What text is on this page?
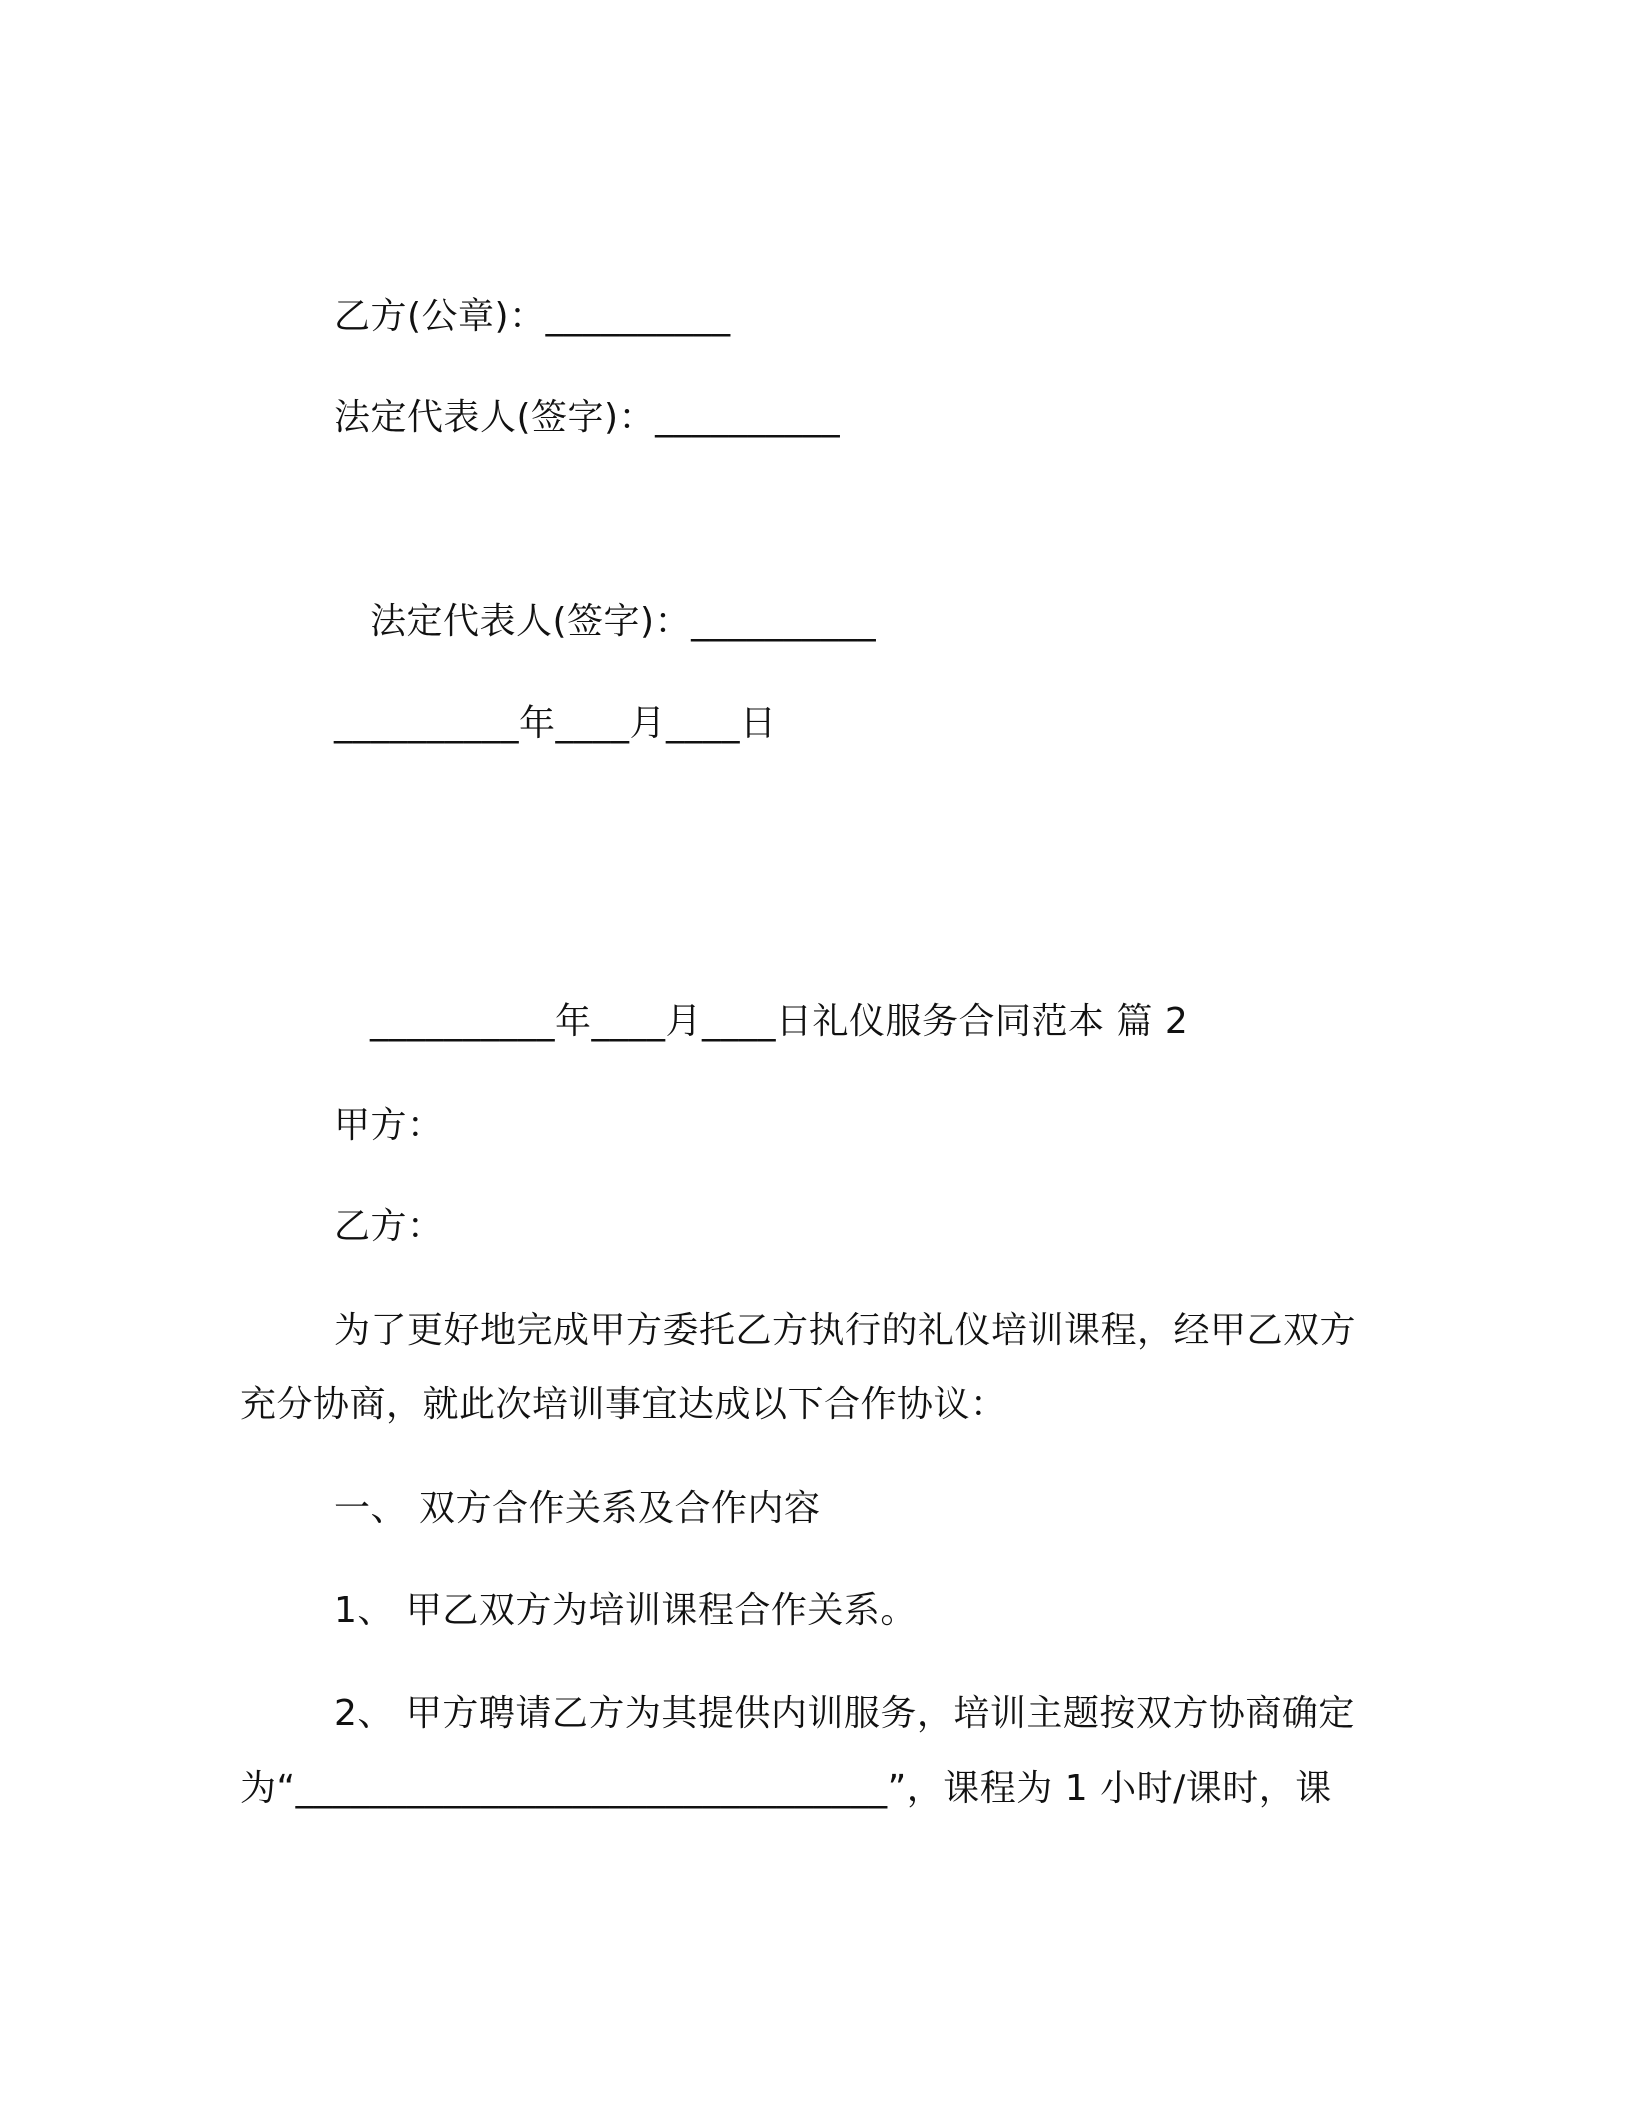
乙方(公章)：__________
法定代表人(签字)：__________
法定代表人(签字)：__________
__________年____月____日
__________年____月____日礼仪服务合同范本 篇 2
甲方：
乙方：
为了更好地完成甲方委托乙方执行的礼仪培训课程，经甲乙双方
充分协商，就此次培训事宜达成以下合作协议：
一、 双方合作关系及合作内容
1、 甲乙双方为培训课程合作关系。
2、 甲方聘请乙方为其提供内训服务，培训主题按双方协商确定
为“________________________________”，课程为 1 小时/课时，课
